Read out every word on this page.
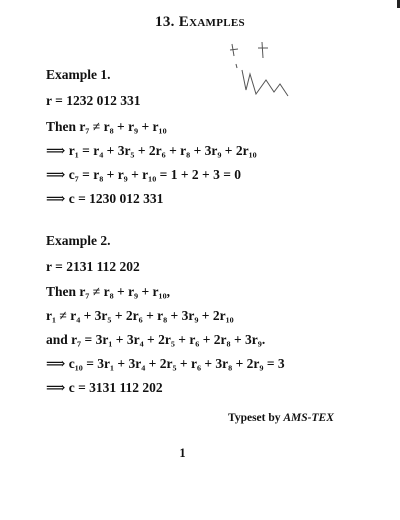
13. Examples
Example 1.
r = 1232 012 331
Then r₇ ≠ r₈ + r₉ + r₁₀
⟹ r₁ = r₄ + 3r₅ + 2r₆ + r₈ + 3r₉ + 2r₁₀
⟹ c₇ = r₈ + r₉ + r₁₀ = 1 + 2 + 3 = 0
⟹ c = 1230 012 331
Example 2.
r = 2131 112 202
Then r₇ ≠ r₈ + r₉ + r₁₀,
r₁ ≠ r₄ + 3r₅ + 2r₆ + r₈ + 3r₉ + 2r₁₀
and r₇ = 3r₁ + 3r₄ + 2r₅ + r₆ + 2r₈ + 3r₉.
⟹ c₁₀ = 3r₁ + 3r₄ + 2r₅ + r₆ + 3r₈ + 2r₉ = 3
⟹ c = 3131 112 202
Typeset by AMS-TEX
1
